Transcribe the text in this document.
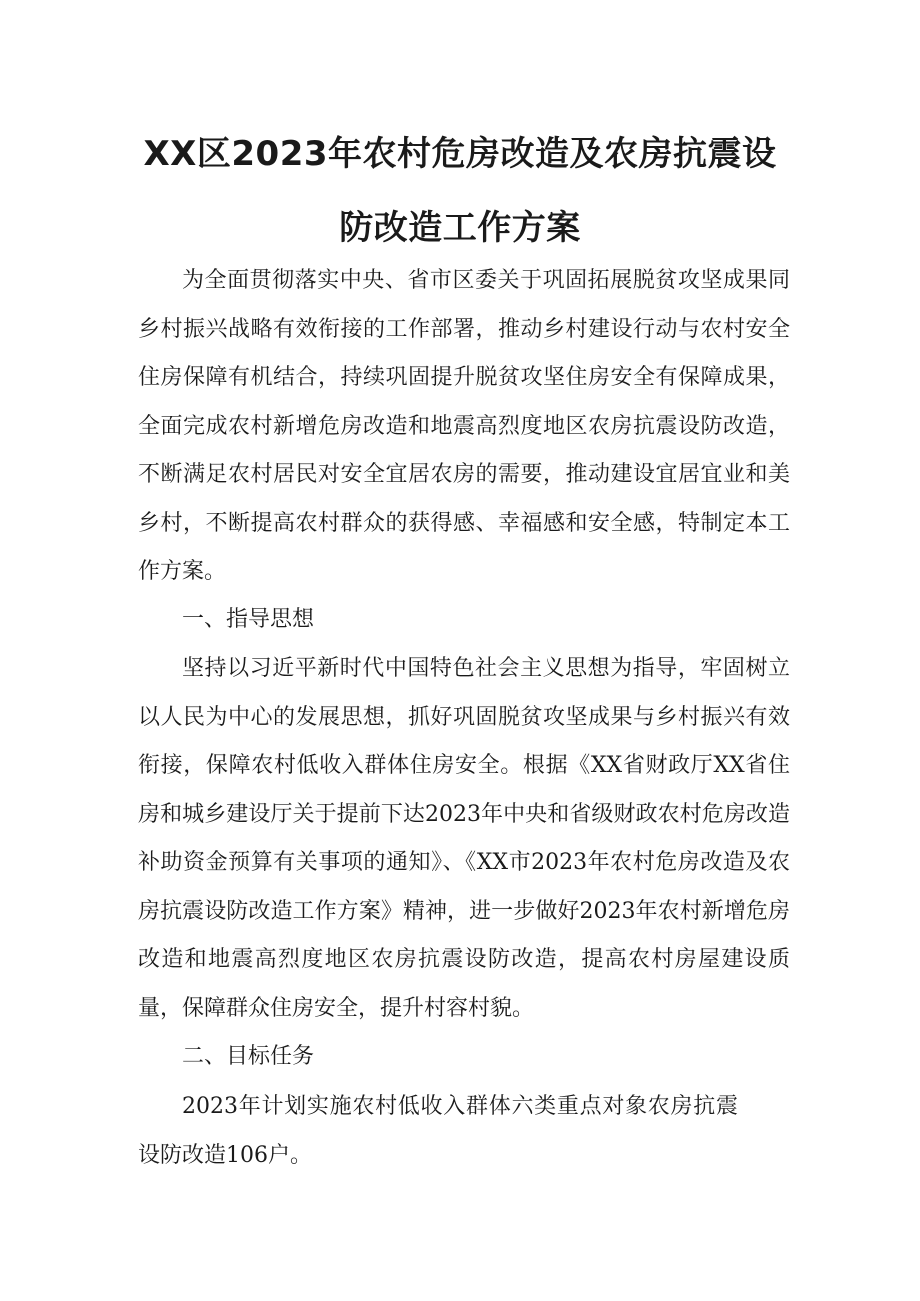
XX区2023年农村危房改造及农房抗震设
防改造工作方案
为全面贯彻落实中央、省市区委关于巩固拓展脱贫攻坚成果同乡村振兴战略有效衔接的工作部署，推动乡村建设行动与农村安全住房保障有机结合，持续巩固提升脱贫攻坚住房安全有保障成果，全面完成农村新增危房改造和地震高烈度地区农房抗震设防改造，不断满足农村居民对安全宜居农房的需要，推动建设宜居宜业和美乡村，不断提高农村群众的获得感、幸福感和安全感，特制定本工作方案。
一、指导思想
坚持以习近平新时代中国特色社会主义思想为指导，牢固树立以人民为中心的发展思想，抓好巩固脱贫攻坚成果与乡村振兴有效衔接，保障农村低收入群体住房安全。根据《XX省财政厅XX省住房和城乡建设厅关于提前下达2023年中央和省级财政农村危房改造补助资金预算有关事项的通知》、《XX市2023年农村危房改造及农房抗震设防改造工作方案》精神，进一步做好2023年农村新增危房改造和地震高烈度地区农房抗震设防改造，提高农村房屋建设质量，保障群众住房安全，提升村容村貌。
二、目标任务
2023年计划实施农村低收入群体六类重点对象农房抗震设防改造106户。
